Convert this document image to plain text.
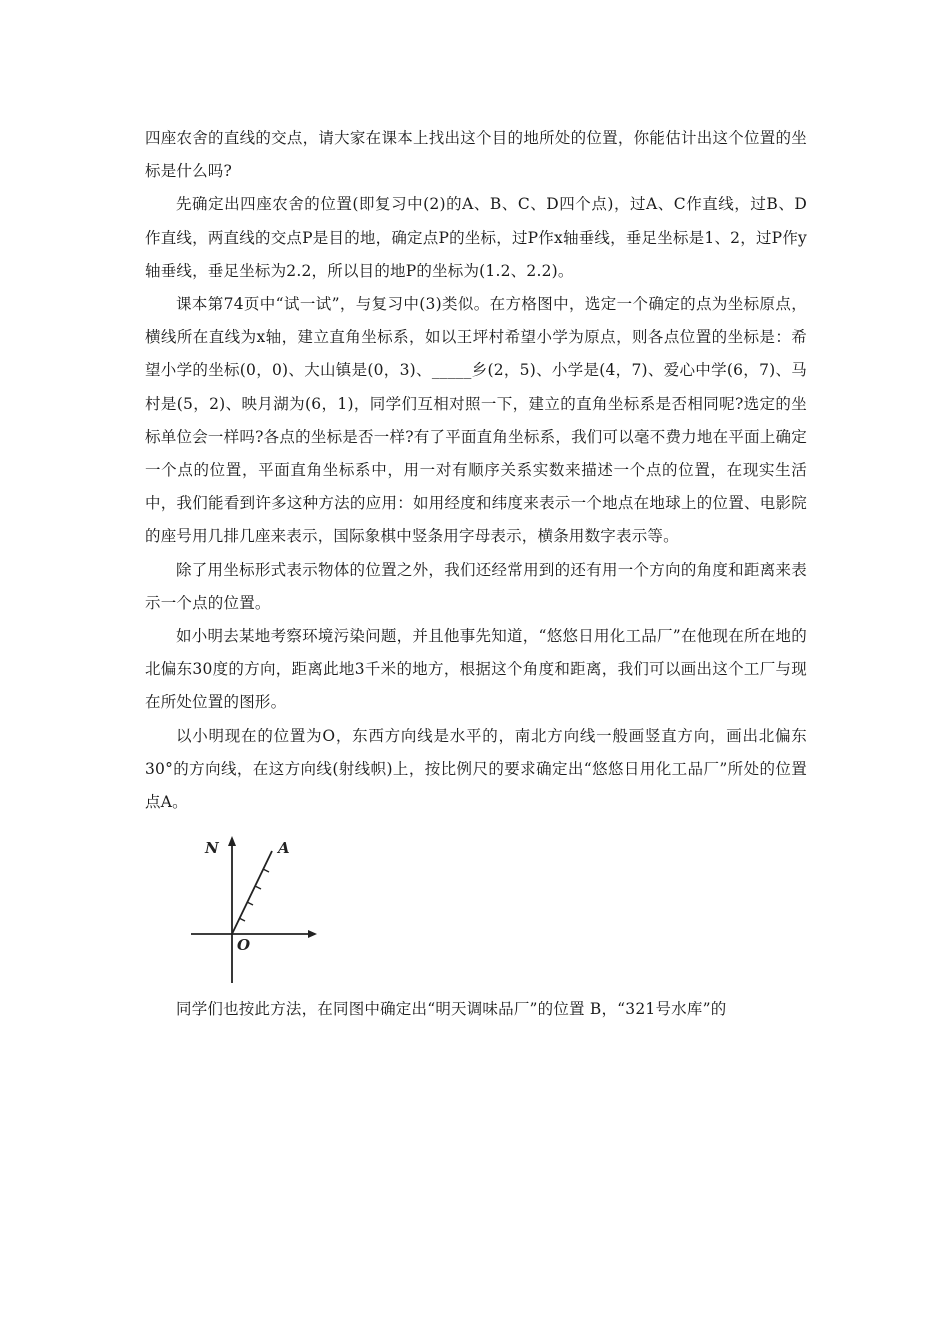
四座农舍的直线的交点，请大家在课本上找出这个目的地所处的位置，你能估计出这个位置的坐标是什么吗?

先确定出四座农舍的位置(即复习中(2)的A、B、C、D四个点)，过A、C作直线，过B、D作直线，两直线的交点P是目的地，确定点P的坐标，过P作x轴垂线，垂足坐标是1、2，过P作y轴垂线，垂足坐标为2.2，所以目的地P的坐标为(1.2、2.2)。

课本第74页中“试一试”，与复习中(3)类似。在方格图中，选定一个确定的点为坐标原点，横线所在直线为x轴，建立直角坐标系，如以王坪村希望小学为原点，则各点位置的坐标是：希望小学的坐标(0，0)、大山镇是(0，3)、_____乡(2，5)、小学是(4，7)、爱心中学(6，7)、马村是(5，2)、映月湖为(6，1)，同学们互相对照一下，建立的直角坐标系是否相同呢?选定的坐标单位会一样吗?各点的坐标是否一样?有了平面直角坐标系，我们可以毫不费力地在平面上确定一个点的位置，平面直角坐标系中，用一对有顺序关系实数来描述一个点的位置，在现实生活中，我们能看到许多这种方法的应用：如用经度和纬度来表示一个地点在地球上的位置、电影院的座号用几排几座来表示，国际象棋中竖条用字母表示，横条用数字表示等。

除了用坐标形式表示物体的位置之外，我们还经常用到的还有用一个方向的角度和距离来表示一个点的位置。

如小明去某地考察环境污染问题，并且他事先知道，“悠悠日用化工品厂”在他现在所在地的北偏东30度的方向，距离此地3千米的地方，根据这个角度和距离，我们可以画出这个工厂与现在所处位置的图形。

以小明现在的位置为O，东西方向线是水平的，南北方向线一般画竖直方向，画出北偏东30°的方向线，在这方向线(射线帜)上，按比例尺的要求确定出“悠悠日用化工品厂”所处的位置点A。

N	A
O

同学们也按此方法，在同图中确定出“明天调味品厂”的位置 B，“321号水库”的
